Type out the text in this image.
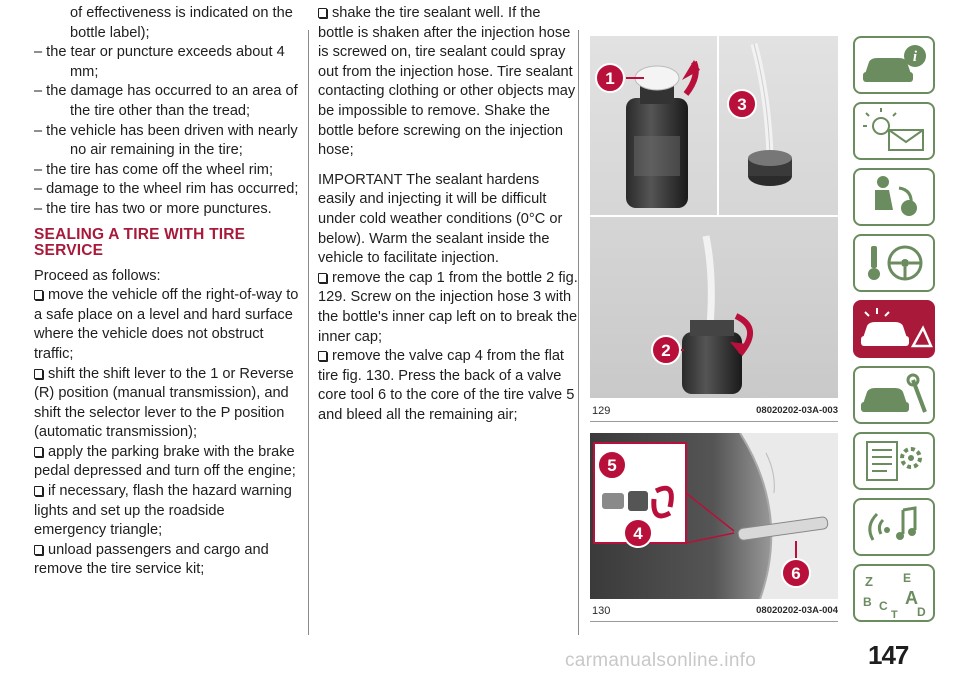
of effectiveness is indicated on the
bottle label);
– the tear or puncture exceeds about 4 mm;
– the damage has occurred to an area of the tire other than the tread;
– the vehicle has been driven with nearly no air remaining in the tire;
– the tire has come off the wheel rim;
– damage to the wheel rim has occurred;
– the tire has two or more punctures.
SEALING A TIRE WITH TIRE SERVICE
Proceed as follows:
move the vehicle off the right-of-way to a safe place on a level and hard surface where the vehicle does not obstruct traffic;
shift the shift lever to the 1 or Reverse (R) position (manual transmission), and shift the selector lever to the P position (automatic transmission);
apply the parking brake with the brake pedal depressed and turn off the engine;
if necessary, flash the hazard warning lights and set up the roadside emergency triangle;
unload passengers and cargo and remove the tire service kit;
shake the tire sealant well. If the bottle is shaken after the injection hose is screwed on, tire sealant could spray out from the injection hose. Tire sealant contacting clothing or other objects may be impossible to remove. Shake the bottle before screwing on the injection hose;
IMPORTANT The sealant hardens easily and injecting it will be difficult under cold weather conditions (0°C or below). Warm the sealant inside the vehicle to facilitate injection.
remove the cap 1 from the bottle 2 fig. 129. Screw on the injection hose 3 with the bottle's inner cap left on to break the inner cap;
remove the valve cap 4 from the flat tire fig. 130. Press the back of a valve core tool 6 to the core of the tire valve 5 and bleed all the remaining air;
1
3
2
129	08020202-03A-003
5
4
6
130	08020202-03A-004
i
Z	E
B A
C D
T
147
carmanualsonline.info
